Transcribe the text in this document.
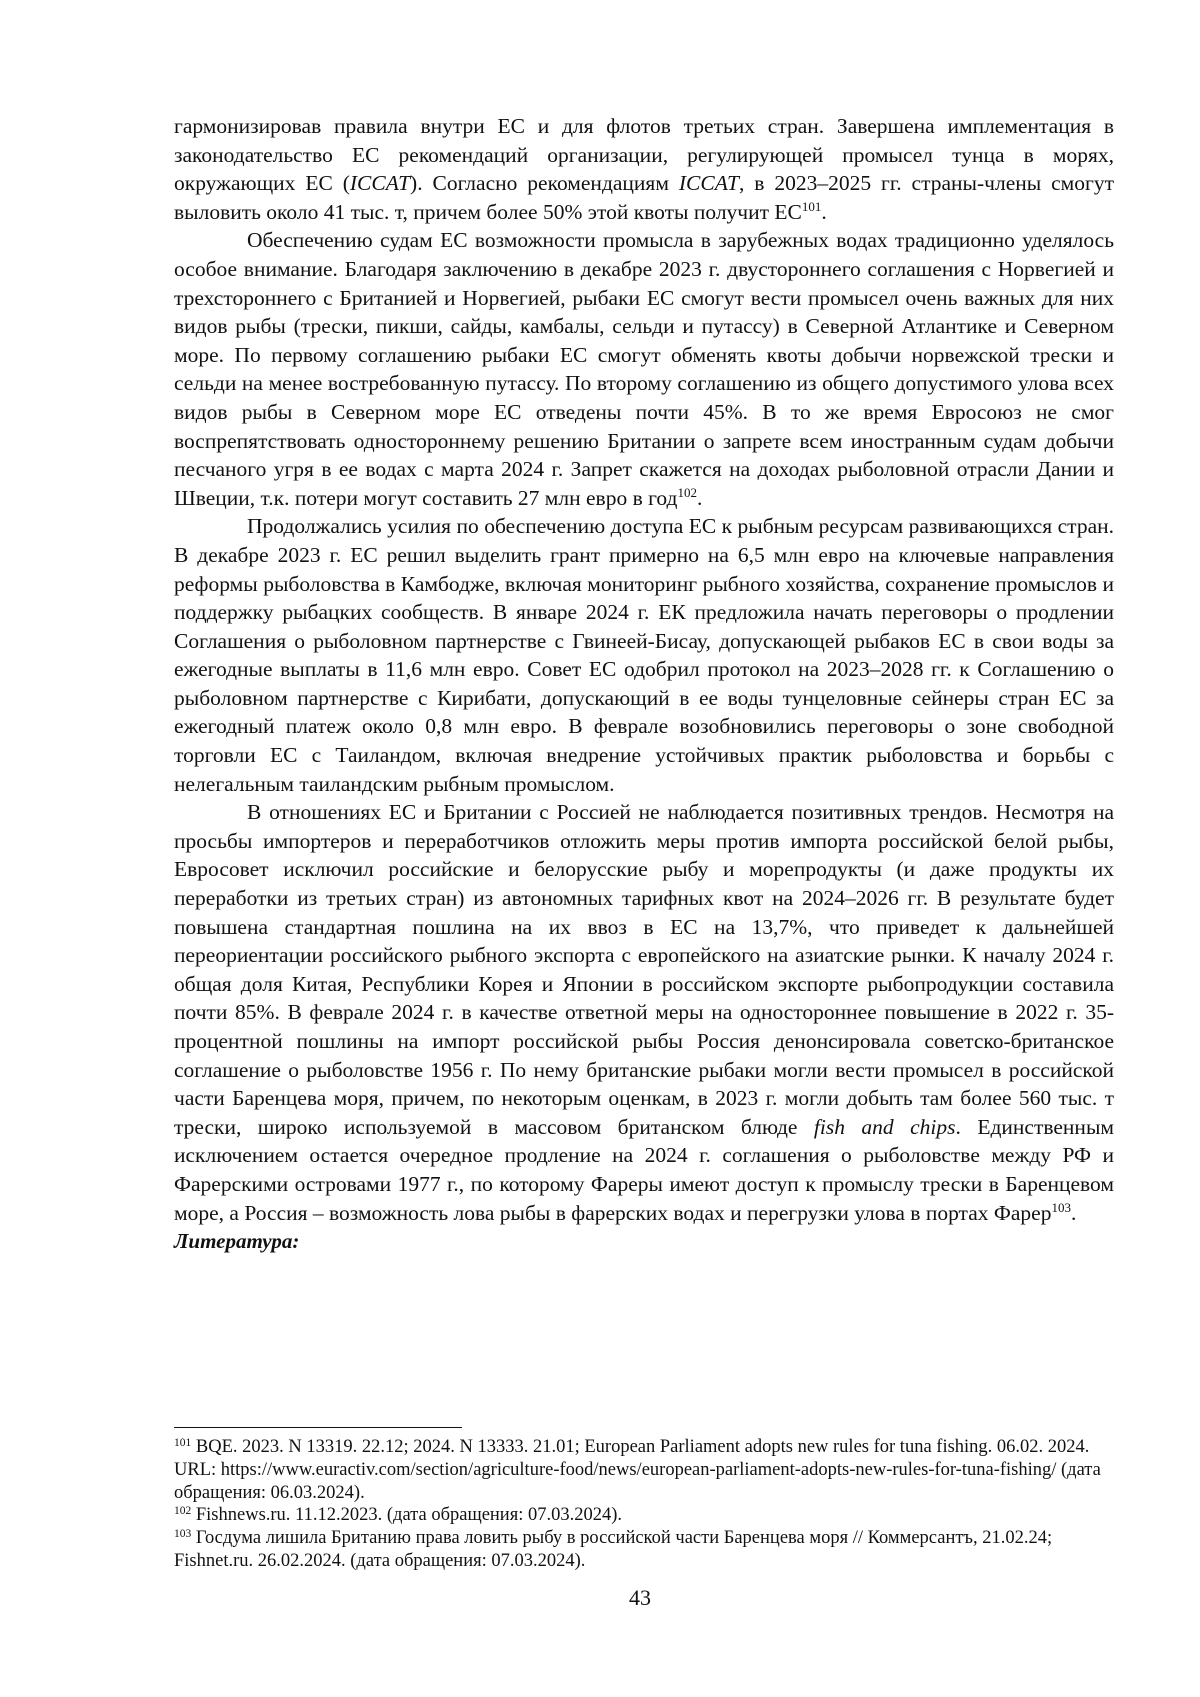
гармонизировав правила внутри ЕС и для флотов третьих стран. Завершена имплементация в законодательство ЕС рекомендаций организации, регулирующей промысел тунца в морях, окружающих ЕС (ICCAT). Согласно рекомендациям ICCAT, в 2023–2025 гг. страны-члены смогут выловить около 41 тыс. т, причем более 50% этой квоты получит ЕС$^{101}$.

Обеспечению судам ЕС возможности промысла в зарубежных водах традиционно уделялось особое внимание. Благодаря заключению в декабре 2023 г. двустороннего соглашения с Норвегией и трехстороннего с Британией и Норвегией, рыбаки ЕС смогут вести промысел очень важных для них видов рыбы (трески, пикши, сайды, камбалы, сельди и путассу) в Северной Атлантике и Северном море. По первому соглашению рыбаки ЕС смогут обменять квоты добычи норвежской трески и сельди на менее востребованную путассу. По второму соглашению из общего допустимого улова всех видов рыбы в Северном море ЕС отведены почти 45%. В то же время Евросоюз не смог воспрепятствовать одностороннему решению Британии о запрете всем иностранным судам добычи песчаного угря в ее водах с марта 2024 г. Запрет скажется на доходах рыболовной отрасли Дании и Швеции, т.к. потери могут составить 27 млн евро в год$^{102}$.

Продолжались усилия по обеспечению доступа ЕС к рыбным ресурсам развивающихся стран. В декабре 2023 г. ЕС решил выделить грант примерно на 6,5 млн евро на ключевые направления реформы рыболовства в Камбодже, включая мониторинг рыбного хозяйства, сохранение промыслов и поддержку рыбацких сообществ. В январе 2024 г. ЕК предложила начать переговоры о продлении Соглашения о рыболовном партнерстве с Гвинеей-Бисау, допускающей рыбаков ЕС в свои воды за ежегодные выплаты в 11,6 млн евро. Совет ЕС одобрил протокол на 2023–2028 гг. к Соглашению о рыболовном партнерстве с Кирибати, допускающий в ее воды тунцеловные сейнеры стран ЕС за ежегодный платеж около 0,8 млн евро. В феврале возобновились переговоры о зоне свободной торговли ЕС с Таиландом, включая внедрение устойчивых практик рыболовства и борьбы с нелегальным таиландским рыбным промыслом.

В отношениях ЕС и Британии с Россией не наблюдается позитивных трендов. Несмотря на просьбы импортеров и переработчиков отложить меры против импорта российской белой рыбы, Евросовет исключил российские и белорусские рыбу и морепродукты (и даже продукты их переработки из третьих стран) из автономных тарифных квот на 2024–2026 гг. В результате будет повышена стандартная пошлина на их ввоз в ЕС на 13,7%, что приведет к дальнейшей переориентации российского рыбного экспорта с европейского на азиатские рынки. К началу 2024 г. общая доля Китая, Республики Корея и Японии в российском экспорте рыбопродукции составила почти 85%. В феврале 2024 г. в качестве ответной меры на одностороннее повышение в 2022 г. 35-процентной пошлины на импорт российской рыбы Россия денонсировала советско-британское соглашение о рыболовстве 1956 г. По нему британские рыбаки могли вести промысел в российской части Баренцева моря, причем, по некоторым оценкам, в 2023 г. могли добыть там более 560 тыс. т трески, широко используемой в массовом британском блюде fish and chips. Единственным исключением остается очередное продление на 2024 г. соглашения о рыболовстве между РФ и Фарерскими островами 1977 г., по которому Фареры имеют доступ к промыслу трески в Баренцевом море, а Россия – возможность лова рыбы в фарерских водах и перегрузки улова в портах Фарер$^{103}$.

Литература:

$^{101}$ BQE. 2023. N 13319. 22.12; 2024. N 13333. 21.01; European Parliament adopts new rules for tuna fishing. 06.02. 2024. URL: https://www.euractiv.com/section/agriculture-food/news/european-parliament-adopts-new-rules-for-tuna-fishing/ (дата обращения: 06.03.2024).

$^{102}$ Fishnews.ru. 11.12.2023. (дата обращения: 07.03.2024).

$^{103}$ Госдума лишила Британию права ловить рыбу в российской части Баренцева моря // Коммерсантъ, 21.02.24; Fishnet.ru. 26.02.2024. (дата обращения: 07.03.2024).

43
